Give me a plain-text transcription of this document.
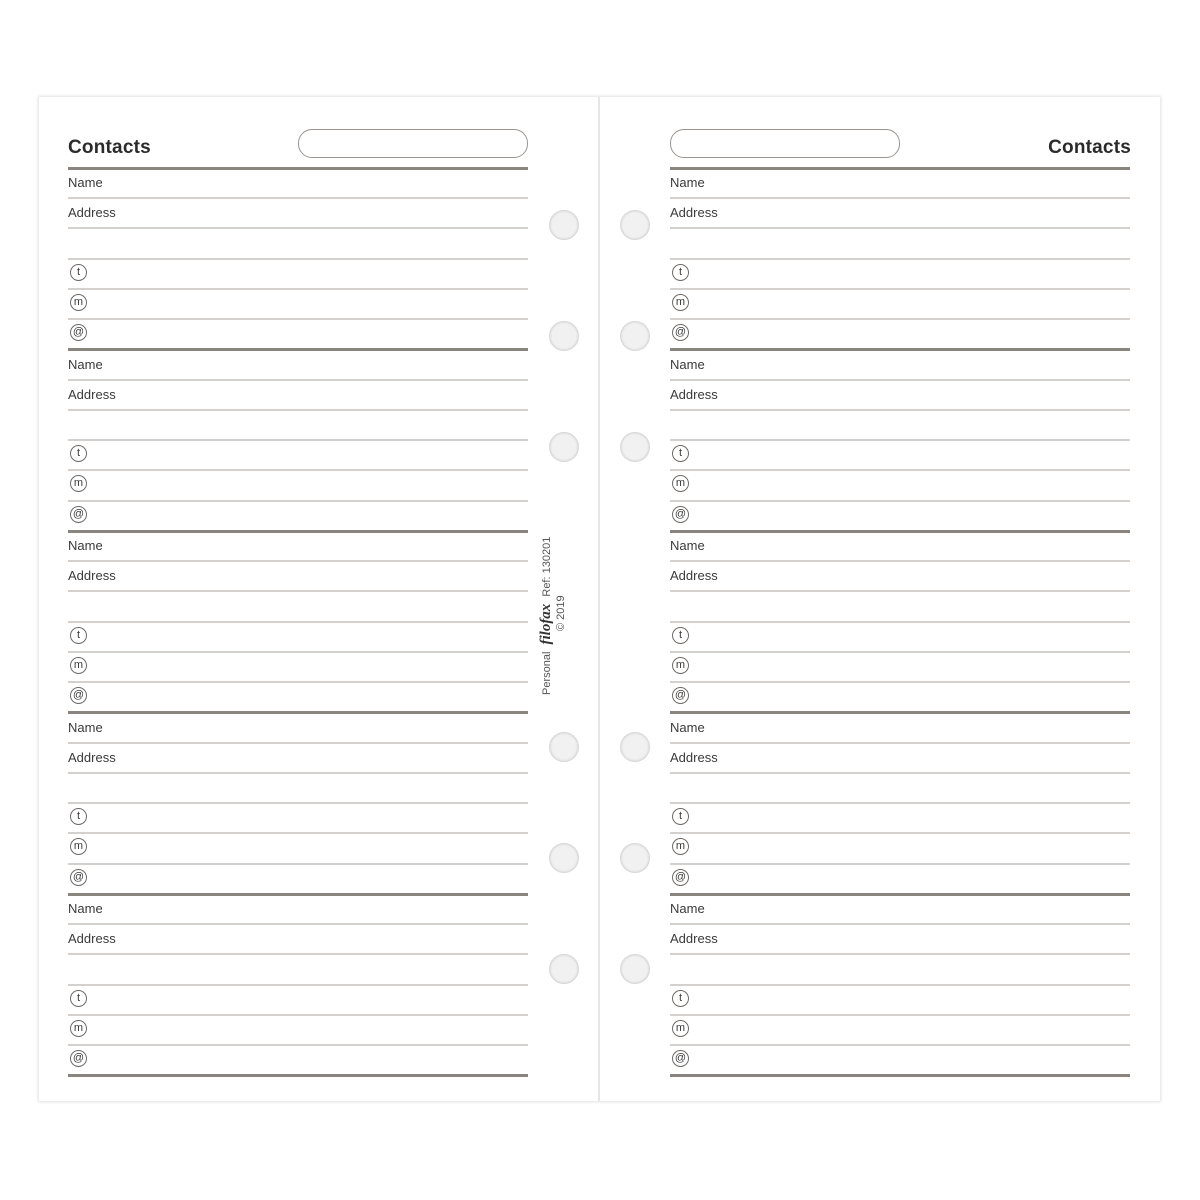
Contacts
Name
Address
t
m
@
Name
Address
t
m
@
Name
Address
t
m
@
Name
Address
t
m
@
Name
Address
t
m
@
Contacts
Name
Address
t
m
@
Name
Address
t
m
@
Name
Address
t
m
@
Name
Address
t
m
@
Name
Address
t
m
@
Personal filofax Ref: 130201
© 2019
